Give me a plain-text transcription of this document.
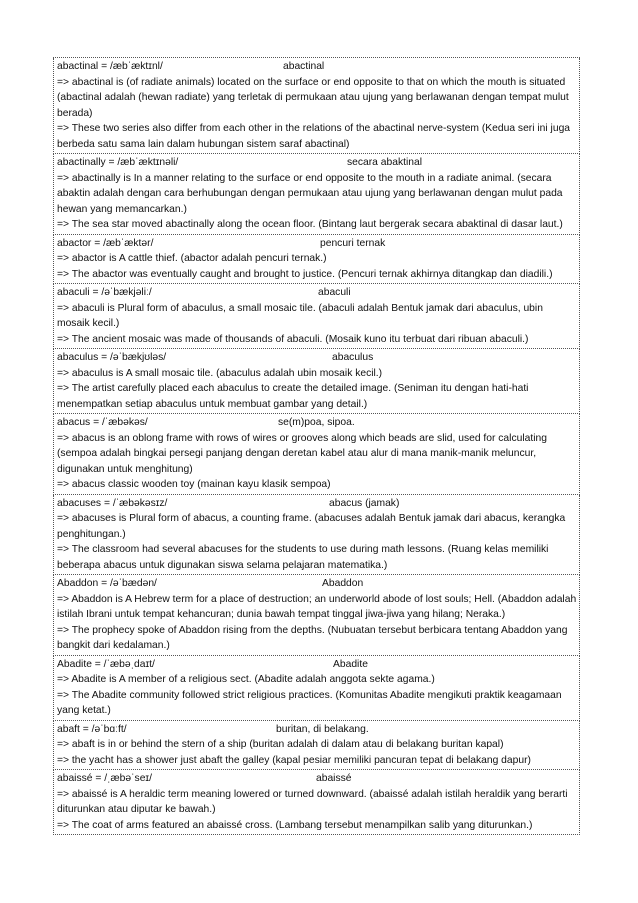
abactinal = /æbˈæktɪnl/	abactinal
=> abactinal is (of radiate animals) located on the surface or end opposite to that on which the mouth is situated (abactinal adalah (hewan radiate) yang terletak di permukaan atau ujung yang berlawanan dengan tempat mulut berada)
=> These two series also differ from each other in the relations of the abactinal nerve-system (Kedua seri ini juga berbeda satu sama lain dalam hubungan sistem saraf abactinal)
abactinally = /æbˈæktɪnəli/	secara abaktinal
=> abactinally is In a manner relating to the surface or end opposite to the mouth in a radiate animal. (secara abaktin adalah dengan cara berhubungan dengan permukaan atau ujung yang berlawanan dengan mulut pada hewan yang memancarkan.)
=> The sea star moved abactinally along the ocean floor. (Bintang laut bergerak secara abaktinal di dasar laut.)
abactor = /æbˈæktər/	pencuri ternak
=> abactor is A cattle thief. (abactor adalah pencuri ternak.)
=> The abactor was eventually caught and brought to justice. (Pencuri ternak akhirnya ditangkap dan diadili.)
abaculi = /əˈbækjəliː/	abaculi
=> abaculi is Plural form of abaculus, a small mosaic tile. (abaculi adalah Bentuk jamak dari abaculus, ubin mosaik kecil.)
=> The ancient mosaic was made of thousands of abaculi. (Mosaik kuno itu terbuat dari ribuan abaculi.)
abaculus = /əˈbækjʊləs/	abaculus
=> abaculus is A small mosaic tile. (abaculus adalah ubin mosaik kecil.)
=> The artist carefully placed each abaculus to create the detailed image. (Seniman itu dengan hati-hati menempatkan setiap abaculus untuk membuat gambar yang detail.)
abacus = /ˈæbəkəs/	se(m)poa, sipoa.
=> abacus is an oblong frame with rows of wires or grooves along which beads are slid, used for calculating (sempoa adalah bingkai persegi panjang dengan deretan kabel atau alur di mana manik-manik meluncur, digunakan untuk menghitung)
=> abacus classic wooden toy (mainan kayu klasik sempoa)
abacuses = /ˈæbəkəsɪz/	abacus (jamak)
=> abacuses is Plural form of abacus, a counting frame. (abacuses adalah Bentuk jamak dari abacus, kerangka penghitungan.)
=> The classroom had several abacuses for the students to use during math lessons. (Ruang kelas memiliki beberapa abacus untuk digunakan siswa selama pelajaran matematika.)
Abaddon = /əˈbædən/	Abaddon
=> Abaddon is A Hebrew term for a place of destruction; an underworld abode of lost souls; Hell. (Abaddon adalah istilah Ibrani untuk tempat kehancuran; dunia bawah tempat tinggal jiwa-jiwa yang hilang; Neraka.)
=> The prophecy spoke of Abaddon rising from the depths. (Nubuatan tersebut berbicara tentang Abaddon yang bangkit dari kedalaman.)
Abadite = /ˈæbəˌdaɪt/	Abadite
=> Abadite is A member of a religious sect. (Abadite adalah anggota sekte agama.)
=> The Abadite community followed strict religious practices. (Komunitas Abadite mengikuti praktik keagamaan yang ketat.)
abaft = /əˈbɑːft/	buritan, di belakang.
=> abaft is in or behind the stern of a ship (buritan adalah di dalam atau di belakang buritan kapal)
=> the yacht has a shower just abaft the galley (kapal pesiar memiliki pancuran tepat di belakang dapur)
abaissé = /ˌæbəˈseɪ/	abaissé
=> abaissé is A heraldic term meaning lowered or turned downward. (abaissé adalah istilah heraldik yang berarti diturunkan atau diputar ke bawah.)
=> The coat of arms featured an abaissé cross. (Lambang tersebut menampilkan salib yang diturunkan.)
